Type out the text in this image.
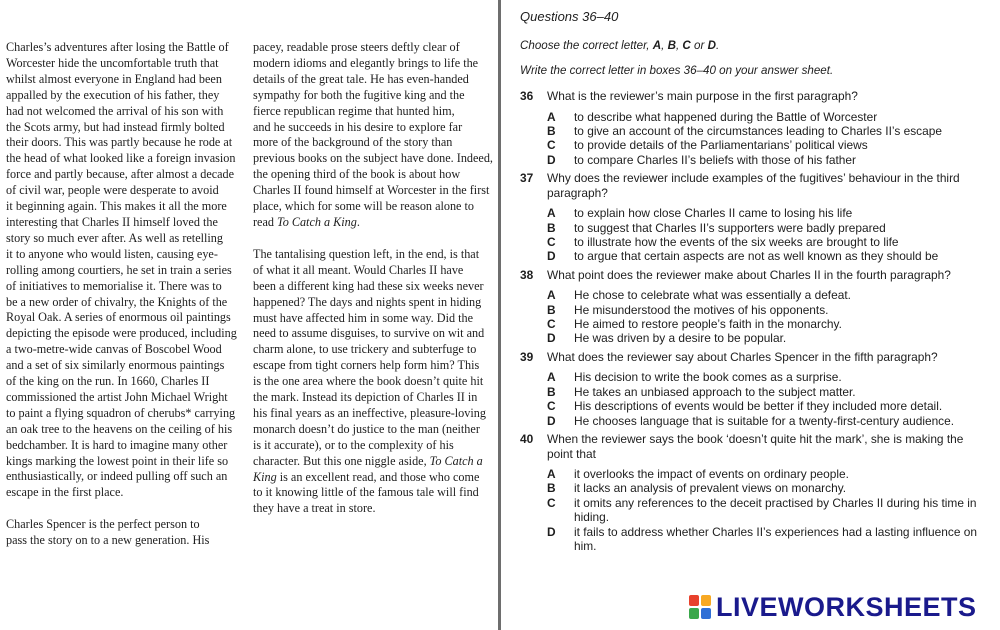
Charles’s adventures after losing the Battle of
Worcester hide the uncomfortable truth that
whilst almost everyone in England had been
appalled by the execution of his father, they
had not welcomed the arrival of his son with
the Scots army, but had instead firmly bolted
their doors. This was partly because he rode at
the head of what looked like a foreign invasion
force and partly because, after almost a decade
of civil war, people were desperate to avoid
it beginning again. This makes it all the more
interesting that Charles II himself loved the
story so much ever after. As well as retelling
it to anyone who would listen, causing eye-
rolling among courtiers, he set in train a series
of initiatives to memorialise it. There was to
be a new order of chivalry, the Knights of the
Royal Oak. A series of enormous oil paintings
depicting the episode were produced, including
a two-metre-wide canvas of Boscobel Wood
and a set of six similarly enormous paintings
of the king on the run. In 1660, Charles II
commissioned the artist John Michael Wright
to paint a flying squadron of cherubs* carrying
an oak tree to the heavens on the ceiling of his
bedchamber. It is hard to imagine many other
kings marking the lowest point in their life so
enthusiastically, or indeed pulling off such an
escape in the first place.

Charles Spencer is the perfect person to
pass the story on to a new generation. His

pacey, readable prose steers deftly clear of
modern idioms and elegantly brings to life the
details of the great tale. He has even-handed
sympathy for both the fugitive king and the
fierce republican regime that hunted him,
and he succeeds in his desire to explore far
more of the background of the story than
previous books on the subject have done. Indeed,
the opening third of the book is about how
Charles II found himself at Worcester in the first
place, which for some will be reason alone to
read To Catch a King.

The tantalising question left, in the end, is that
of what it all meant. Would Charles II have
been a different king had these six weeks never
happened? The days and nights spent in hiding
must have affected him in some way. Did the
need to assume disguises, to survive on wit and
charm alone, to use trickery and subterfuge to
escape from tight corners help form him? This
is the one area where the book doesn’t quite hit
the mark. Instead its depiction of Charles II in
his final years as an ineffective, pleasure-loving
monarch doesn’t do justice to the man (neither
is it accurate), or to the complexity of his
character. But this one niggle aside, To Catch a
King is an excellent read, and those who come
to it knowing little of the famous tale will find
they have a treat in store.

Questions 36–40

Choose the correct letter, A, B, C or D.

Write the correct letter in boxes 36–40 on your answer sheet.

36	What is the reviewer’s main purpose in the first paragraph?
A	to describe what happened during the Battle of Worcester
B	to give an account of the circumstances leading to Charles II’s escape
C	to provide details of the Parliamentarians’ political views
D	to compare Charles II’s beliefs with those of his father
37	Why does the reviewer include examples of the fugitives’ behaviour in the third paragraph?
A	to explain how close Charles II came to losing his life
B	to suggest that Charles II’s supporters were badly prepared
C	to illustrate how the events of the six weeks are brought to life
D	to argue that certain aspects are not as well known as they should be
38	What point does the reviewer make about Charles II in the fourth paragraph?
A	He chose to celebrate what was essentially a defeat.
B	He misunderstood the motives of his opponents.
C	He aimed to restore people’s faith in the monarchy.
D	He was driven by a desire to be popular.
39	What does the reviewer say about Charles Spencer in the fifth paragraph?
A	His decision to write the book comes as a surprise.
B	He takes an unbiased approach to the subject matter.
C	His descriptions of events would be better if they included more detail.
D	He chooses language that is suitable for a twenty-first-century audience.
40	When the reviewer says the book ‘doesn’t quite hit the mark’, she is making the point that
A	it overlooks the impact of events on ordinary people.
B	it lacks an analysis of prevalent views on monarchy.
C	it omits any references to the deceit practised by Charles II during his time in hiding.
D	it fails to address whether Charles II’s experiences had a lasting influence on him.
LIVEWORKSHEETS
